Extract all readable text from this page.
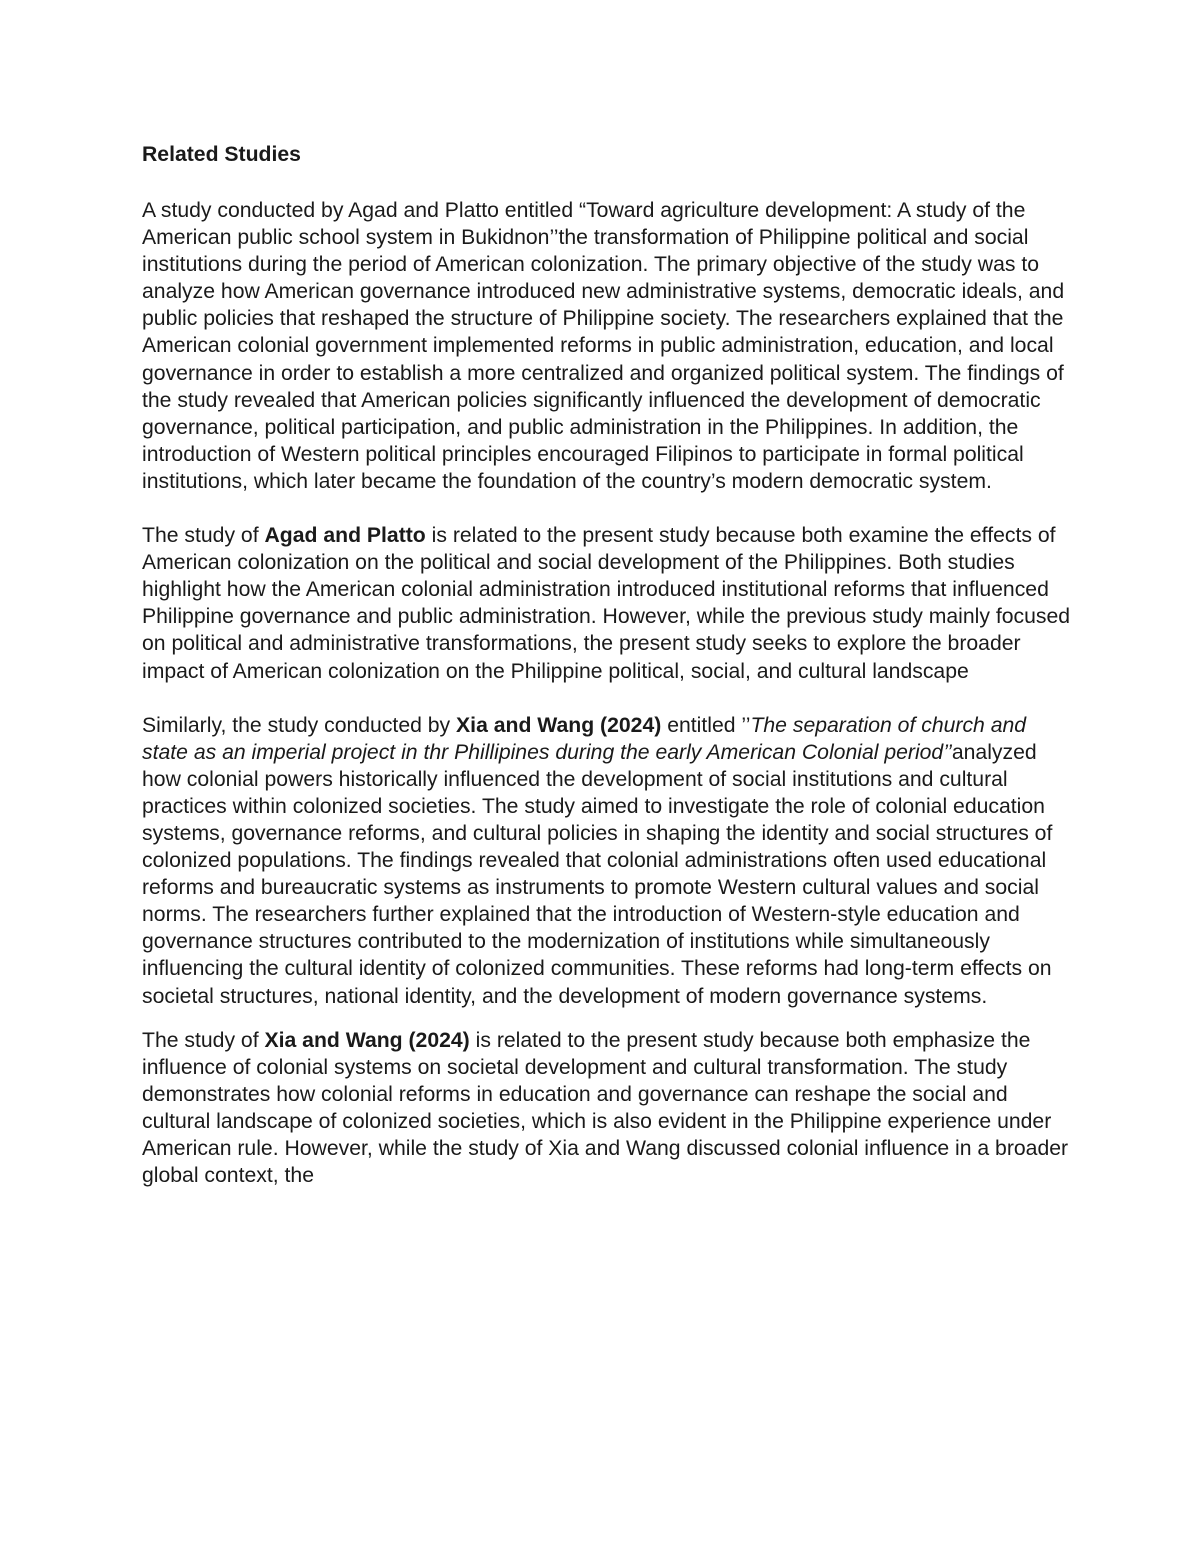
Related Studies

A study conducted by Agad and Platto entitled “Toward agriculture development: A study of the American public school system in Bukidnon’’the transformation of Philippine political and social institutions during the period of American colonization. The primary objective of the study was to analyze how American governance introduced new administrative systems, democratic ideals, and public policies that reshaped the structure of Philippine society. The researchers explained that the American colonial government implemented reforms in public administration, education, and local governance in order to establish a more centralized and organized political system. The findings of the study revealed that American policies significantly influenced the development of democratic governance, political participation, and public administration in the Philippines. In addition, the introduction of Western political principles encouraged Filipinos to participate in formal political institutions, which later became the foundation of the country’s modern democratic system.

The study of Agad and Platto is related to the present study because both examine the effects of American colonization on the political and social development of the Philippines. Both studies highlight how the American colonial administration introduced institutional reforms that influenced Philippine governance and public administration. However, while the previous study mainly focused on political and administrative transformations, the present study seeks to explore the broader impact of American colonization on the Philippine political, social, and cultural landscape

Similarly, the study conducted by Xia and Wang (2024) entitled ’’The separation of church and state as an imperial project in thr Phillipines during the early American Colonial period’’analyzed how colonial powers historically influenced the development of social institutions and cultural practices within colonized societies. The study aimed to investigate the role of colonial education systems, governance reforms, and cultural policies in shaping the identity and social structures of colonized populations. The findings revealed that colonial administrations often used educational reforms and bureaucratic systems as instruments to promote Western cultural values and social norms. The researchers further explained that the introduction of Western-style education and governance structures contributed to the modernization of institutions while simultaneously influencing the cultural identity of colonized communities. These reforms had long-term effects on societal structures, national identity, and the development of modern governance systems.

The study of Xia and Wang (2024) is related to the present study because both emphasize the influence of colonial systems on societal development and cultural transformation. The study demonstrates how colonial reforms in education and governance can reshape the social and cultural landscape of colonized societies, which is also evident in the Philippine experience under American rule. However, while the study of Xia and Wang discussed colonial influence in a broader global context, the
